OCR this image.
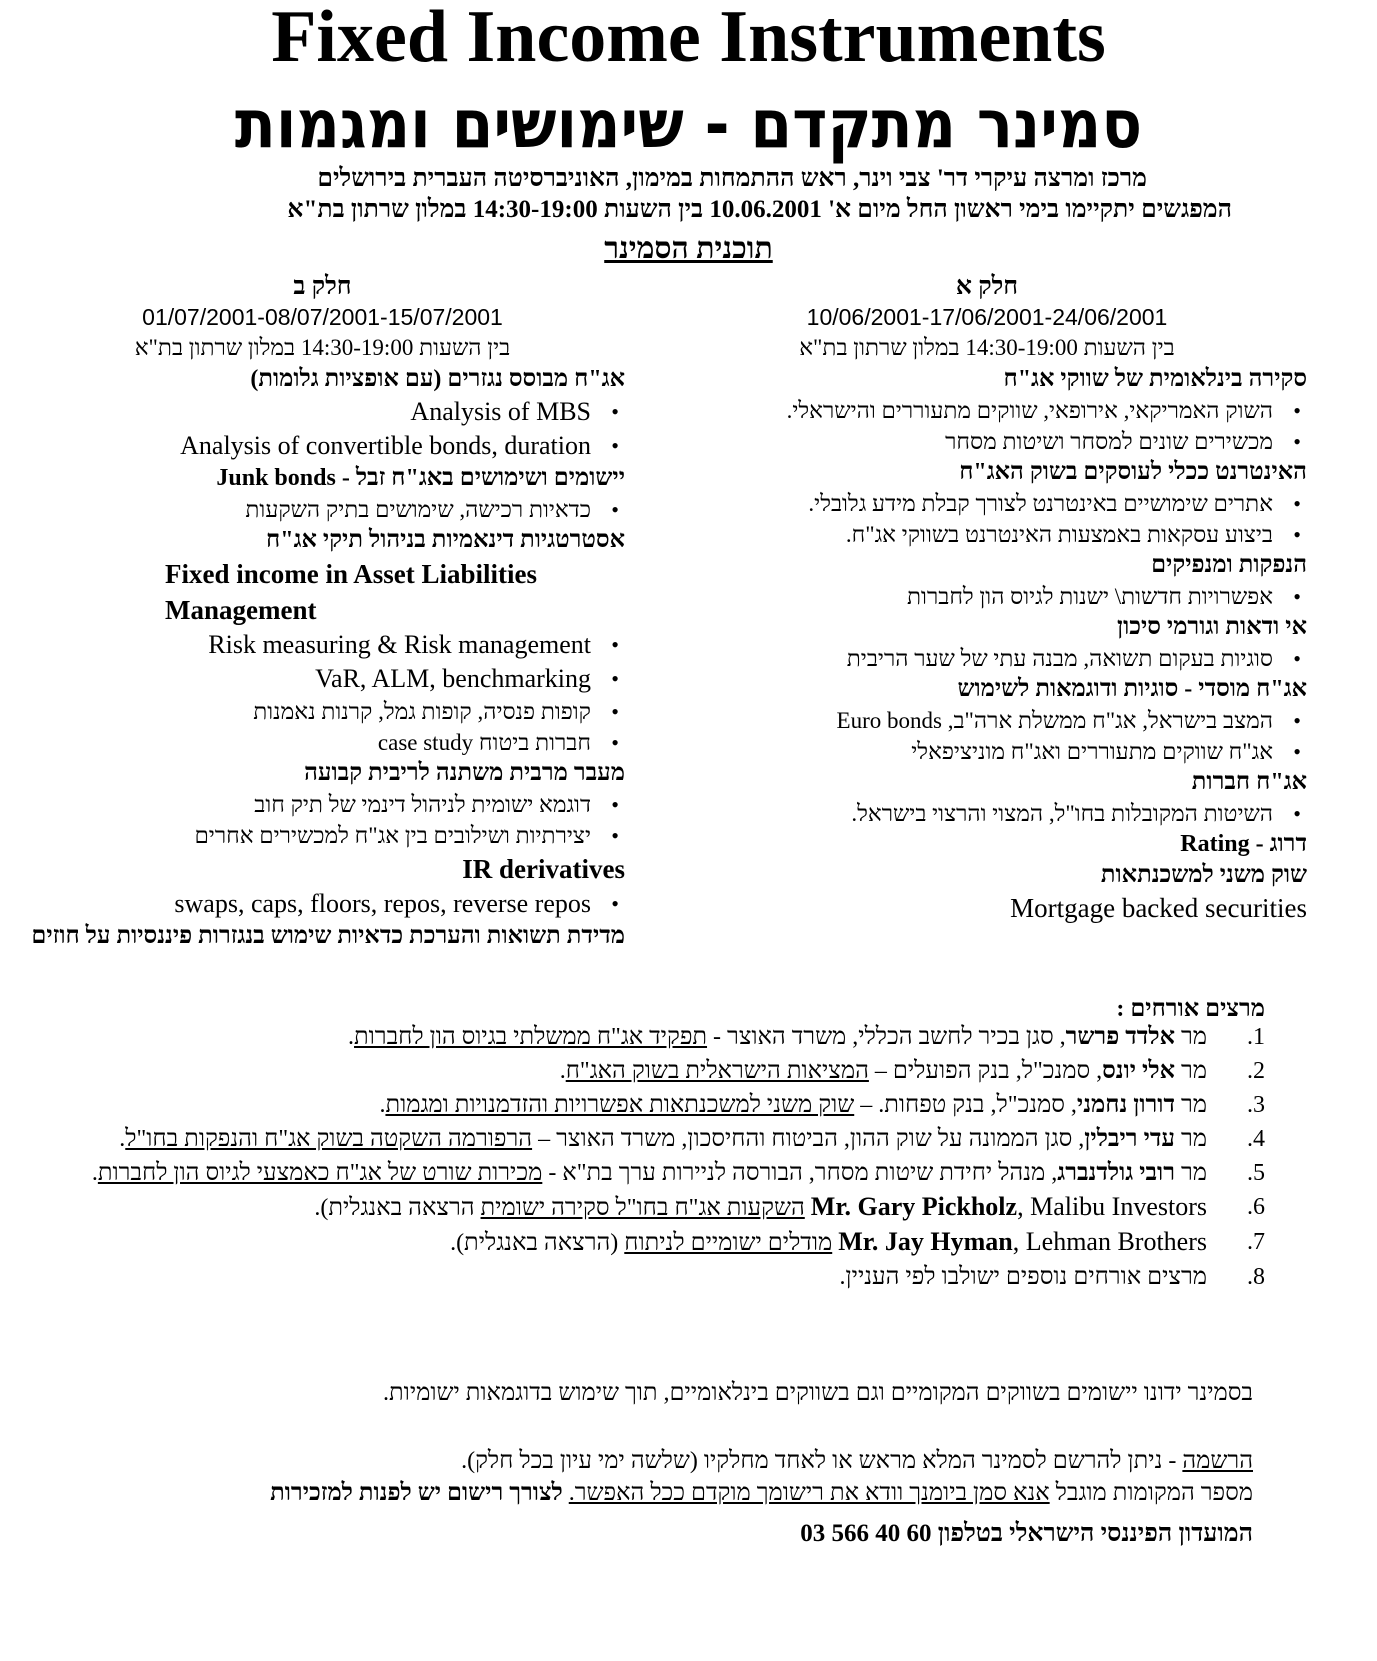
Fixed Income Instruments
סמינר מתקדם - שימושים ומגמות
מרכז ומרצה עיקרי דר' צבי וינר, ראש ההתמחות במימון, האוניברסיטה העברית בירושלים
המפגשים יתקיימו בימי ראשון החל מיום א' 10.06.2001 בין השעות 14:30-19:00 במלון שרתון בת"א
תוכנית הסמינר
חלק א
10/06/2001-17/06/2001-24/06/2001
בין השעות 14:30-19:00 במלון שרתון בת"א
סקירה בינלאומית של שווקי אג"ח
• השוק האמריקאי, אירופאי, שווקים מתעוררים והישראלי.
• מכשירים שונים למסחר ושיטות מסחר
האינטרנט ככלי לעוסקים בשוק האג"ח
• אתרים שימושיים באינטרנט לצורך קבלת מידע גלובלי.
• ביצוע עסקאות באמצעות האינטרנט בשווקי אג"ח.
הנפקות ומנפיקים
• אפשרויות חדשות\ ישנות לגיוס הון לחברות
אי ודאות וגורמי סיכון
• סוגיות בעקום תשואה, מבנה עתי של שער הריבית
אג"ח מוסדי - סוגיות ודוגמאות לשימוש
• המצב בישראל, אג"ח ממשלת ארה"ב, Euro bonds
• אג"ח שווקים מתעוררים ואג"ח מוניציפאלי
אג"ח חברות
• השיטות המקובלות בחו"ל, המצוי והרצוי בישראל.
דרוג - Rating
שוק משני למשכנתאות
Mortgage backed securities
חלק ב
01/07/2001-08/07/2001-15/07/2001
בין השעות 14:30-19:00 במלון שרתון בת"א
אג"ח מבוסס נגזרים (עם אופציות גלומות)
• Analysis of MBS
• Analysis of convertible bonds, duration
יישומים ושימושים באג"ח זבל - Junk bonds
• כדאיות רכישה, שימושים בתיק השקעות
אסטרטגיות דינאמיות בניהול תיקי אג"ח
Fixed income in Asset Liabilities Management
• Risk measuring & Risk management
• VaR, ALM, benchmarking
• קופות פנסיה, קופות גמל, קרנות נאמנות
• חברות ביטוח case study
מעבר מרבית משתנה לריבית קבועה
• דוגמא ישומית לניהול דינמי של תיק חוב
• יצירתיות ושילובים בין אג"ח למכשירים אחרים
IR derivatives
• swaps, caps, floors, repos, reverse repos
מדידת תשואות והערכת כדאיות שימוש בנגזרות פיננסיות על חוזים
מרצים אורחים :
1.
מר אלדד פרשר, סגן בכיר לחשב הכללי, משרד האוצר - תפקיד אג"ח ממשלתי בגיוס הון לחברות.
2.
מר אלי יונס, סמנכ"ל, בנק הפועלים – המציאות הישראלית בשוק האג"ח.
3.
מר דורון נחמני, סמנכ"ל, בנק טפחות. – שוק משני למשכנתאות אפשרויות והזדמנויות ומגמות.
4.
מר עדי ריבלין, סגן הממונה על שוק ההון, הביטוח והחיסכון, משרד האוצר – הרפורמה השקטה בשוק אג"ח והנפקות בחו"ל.
5.
מר רובי גולדנברג, מנהל יחידת שיטות מסחר, הבורסה לניירות ערך בת"א - מכירות שורט של אג"ח כאמצעי לגיוס הון לחברות.
6.
Mr. Gary Pickholz, Malibu Investors השקעות אג"ח בחו"ל סקירה ישומית הרצאה באנגלית).
7.
Mr. Jay Hyman, Lehman Brothers מודלים ישומיים לניתוח (הרצאה באנגלית).
8.
מרצים אורחים נוספים ישולבו לפי העניין.
בסמינר ידונו יישומים בשווקים המקומיים וגם בשווקים בינלאומיים, תוך שימוש בדוגמאות ישומיות.
הרשמה - ניתן להרשם לסמינר המלא מראש או לאחד מחלקיו (שלשה ימי עיון בכל חלק).
מספר המקומות מוגבל אנא סמן ביומנך וודא את רישומך מוקדם ככל האפשר. לצורך רישום יש לפנות למזכירות
המועדון הפיננסי הישראלי בטלפון 03 566 40 60
